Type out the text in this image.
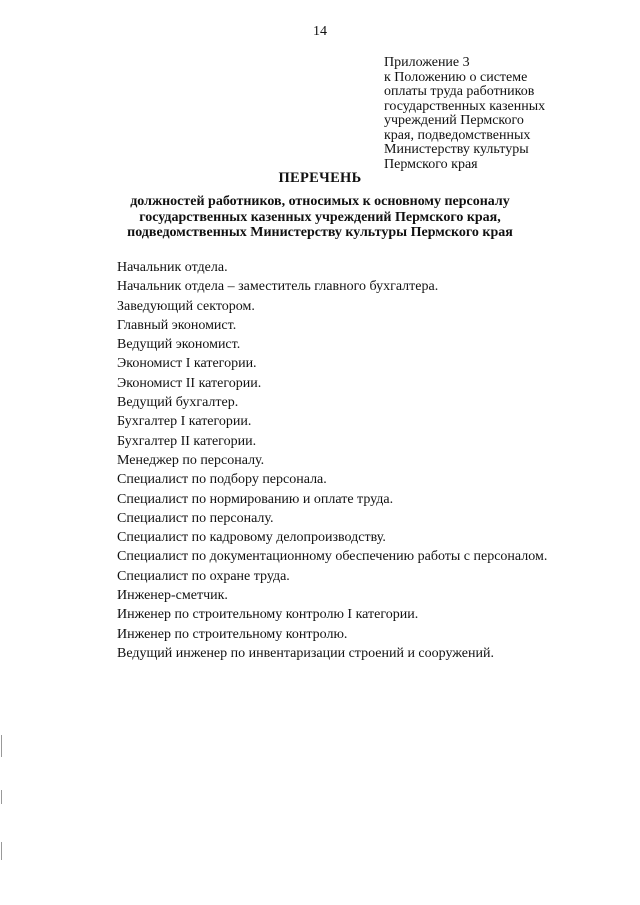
14
Приложение 3
к Положению о системе
оплаты труда работников
государственных казенных
учреждений Пермского
края, подведомственных
Министерству культуры
Пермского края
ПЕРЕЧЕНЬ
должностей работников, относимых к основному персоналу
государственных казенных учреждений Пермского края,
подведомственных Министерству культуры Пермского края
Начальник отдела.
Начальник отдела – заместитель главного бухгалтера.
Заведующий сектором.
Главный экономист.
Ведущий экономист.
Экономист I категории.
Экономист II категории.
Ведущий бухгалтер.
Бухгалтер I категории.
Бухгалтер II категории.
Менеджер по персоналу.
Специалист по подбору персонала.
Специалист по нормированию и оплате труда.
Специалист по персоналу.
Специалист по кадровому делопроизводству.
Специалист по документационному обеспечению работы с персоналом.
Специалист по охране труда.
Инженер-сметчик.
Инженер по строительному контролю I категории.
Инженер по строительному контролю.
Ведущий инженер по инвентаризации строений и сооружений.
